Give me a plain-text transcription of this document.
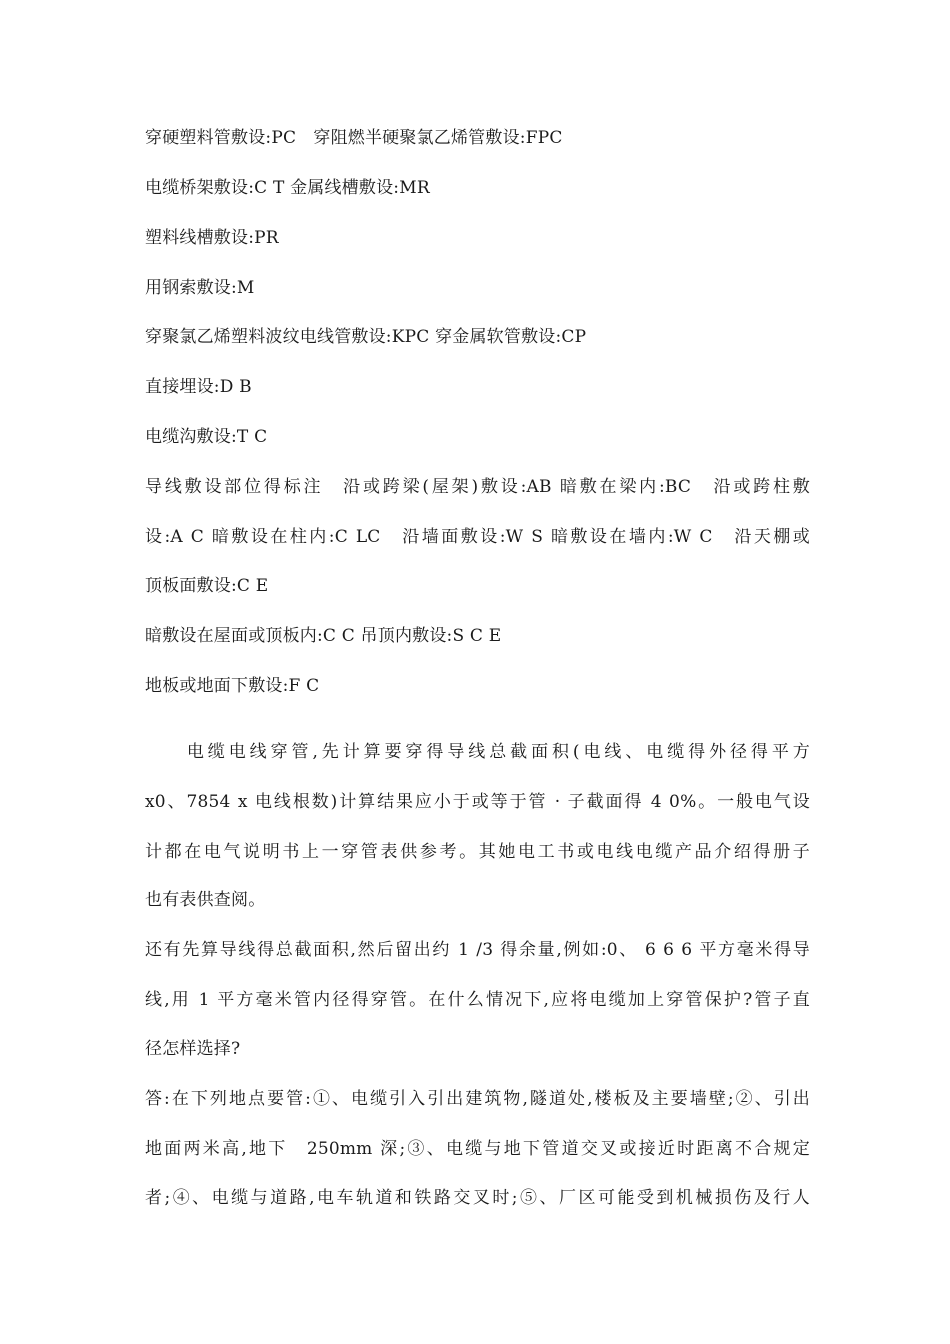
穿硬塑料管敷设:PC　穿阻燃半硬聚氯乙烯管敷设:FPC
电缆桥架敷设:C T 金属线槽敷设:MR
塑料线槽敷设:PR
用钢索敷设:M
穿聚氯乙烯塑料波纹电线管敷设:KPC 穿金属软管敷设:CP
直接埋设:D B
电缆沟敷设:T C
导线敷设部位得标注　沿或跨梁(屋架)敷设:AB 暗敷在梁内:BC　沿或跨柱敷
设:A C 暗敷设在柱内:C LC　沿墙面敷设:W S 暗敷设在墙内:W C　沿天棚或
顶板面敷设:C E
暗敷设在屋面或顶板内:C C 吊顶内敷设:S C E
地板或地面下敷设:F C
　　电缆电线穿管,先计算要穿得导线总截面积(电线、电缆得外径得平方
x0、7854 x 电线根数)计算结果应小于或等于管 · 子截面得 4 0%。一般电气设
计都在电气说明书上一穿管表供参考。其她电工书或电线电缆产品介绍得册子
也有表供查阅。
还有先算导线得总截面积,然后留出约 1 /3 得余量,例如:0、 6 6 6 平方毫米得导
线,用 1 平方毫米管内径得穿管。在什么情况下,应将电缆加上穿管保护?管子直
径怎样选择?
答:在下列地点要管:①、电缆引入引出建筑物,隧道处,楼板及主要墙壁;②、引出
地面两米高,地下　250mm 深;③、电缆与地下管道交叉或接近时距离不合规定
者;④、电缆与道路,电车轨道和铁路交叉时;⑤、厂区可能受到机械损伤及行人
